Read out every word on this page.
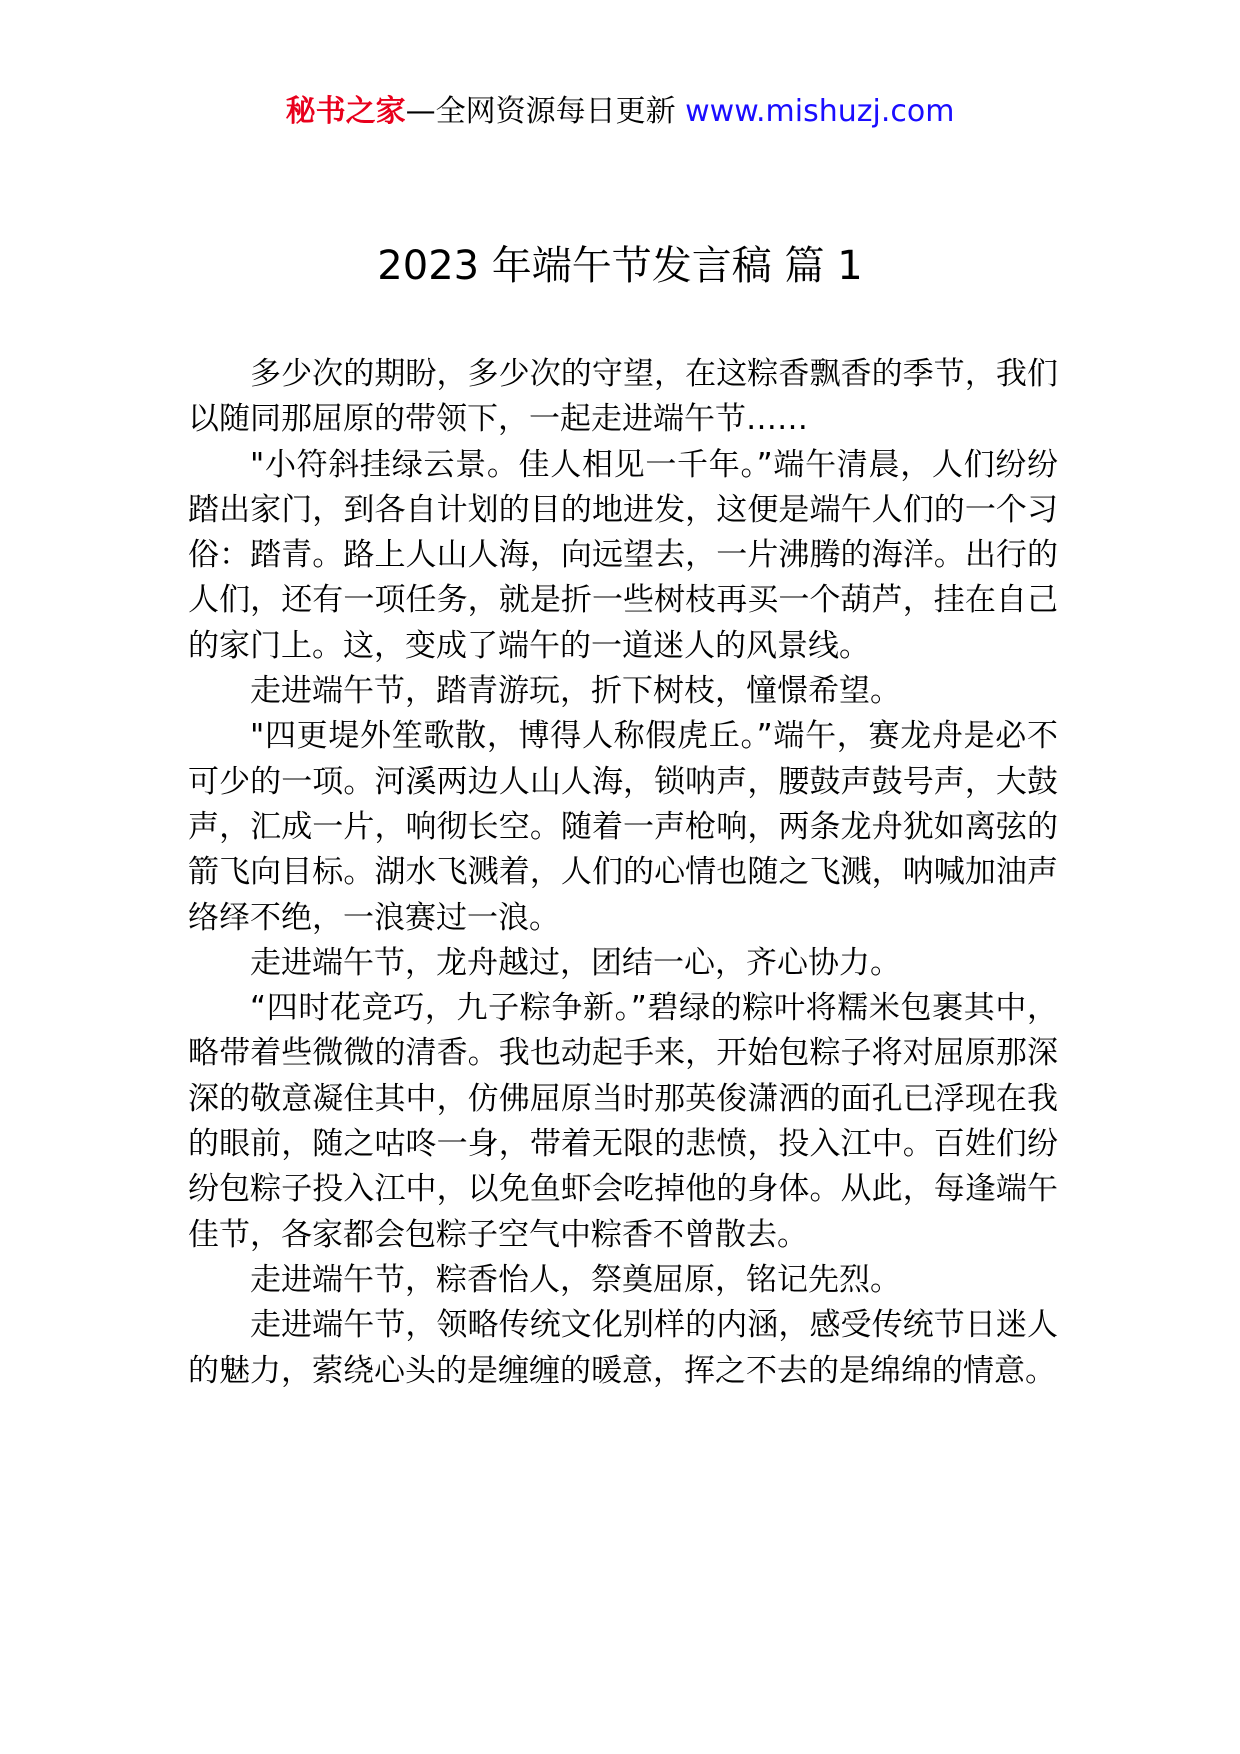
秘书之家—全网资源每日更新 www.mishuzj.com
2023 年端午节发言稿 篇 1

多少次的期盼，多少次的守望，在这粽香飘香的季节，我们以随同那屈原的带领下，一起走进端午节……

"小符斜挂绿云景。佳人相见一千年。”端午清晨，人们纷纷踏出家门，到各自计划的目的地进发，这便是端午人们的一个习俗：踏青。路上人山人海，向远望去，一片沸腾的海洋。出行的人们，还有一项任务，就是折一些树枝再买一个葫芦，挂在自己的家门上。这，变成了端午的一道迷人的风景线。

走进端午节，踏青游玩，折下树枝，憧憬希望。

"四更堤外笙歌散，博得人称假虎丘。”端午，赛龙舟是必不可少的一项。河溪两边人山人海，锁呐声，腰鼓声鼓号声，大鼓声，汇成一片，响彻长空。随着一声枪响，两条龙舟犹如离弦的箭飞向目标。湖水飞溅着，人们的心情也随之飞溅，呐喊加油声络绎不绝，一浪赛过一浪。

走进端午节，龙舟越过，团结一心，齐心协力。

“四时花竞巧，九子粽争新。”碧绿的粽叶将糯米包裹其中，略带着些微微的清香。我也动起手来，开始包粽子将对屈原那深深的敬意凝住其中，仿佛屈原当时那英俊潇洒的面孔已浮现在我的眼前，随之咕咚一身，带着无限的悲愤，投入江中。百姓们纷纷包粽子投入江中，以免鱼虾会吃掉他的身体。从此，每逢端午佳节，各家都会包粽子空气中粽香不曾散去。

走进端午节，粽香怡人，祭奠屈原，铭记先烈。

走进端午节，领略传统文化别样的内涵，感受传统节日迷人的魅力，萦绕心头的是缠缠的暖意，挥之不去的是绵绵的情意。
